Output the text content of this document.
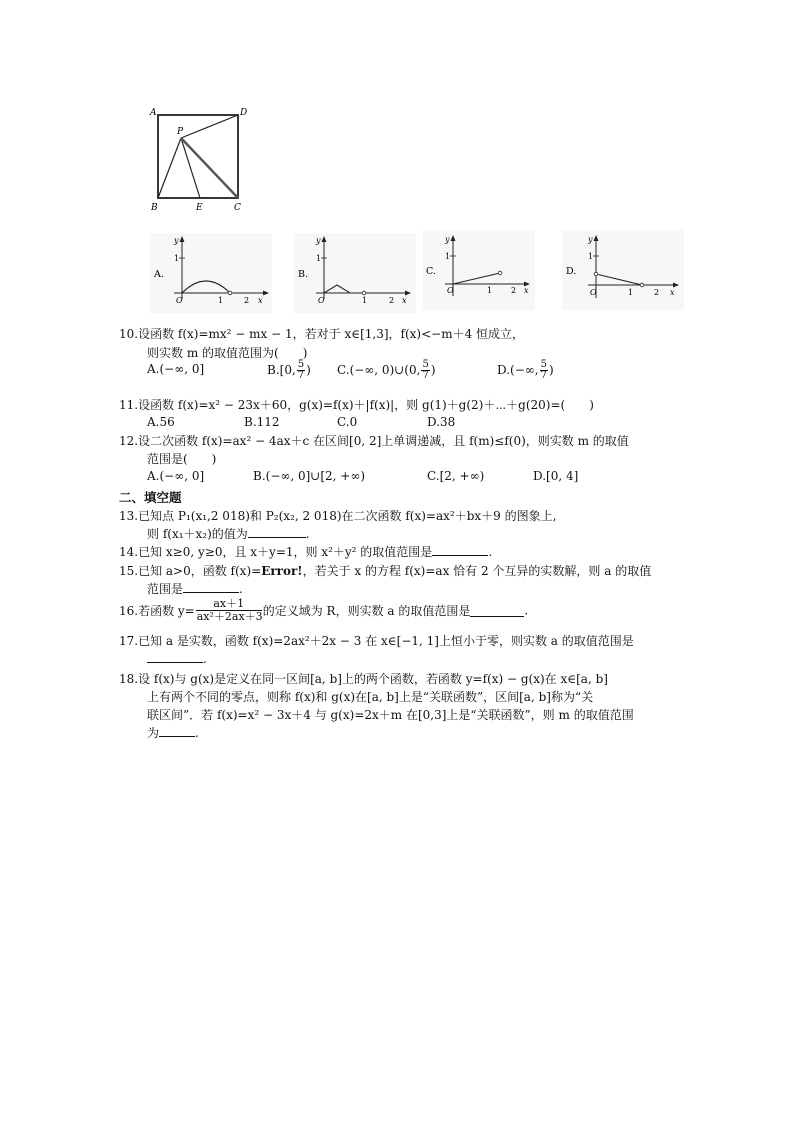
A	D
P
B	E	C
A.
y
1
O	1	2 x
B.
y
1
O	1	2 x
C.
y
1
O	1 2 x
D.
y
1
O	1	2 x
10.设函数 f(x)=mx² − mx − 1，若对于 x∈[1,3]，f(x)<−m＋4 恒成立，
则实数 m 的取值范围为(　　)
A.(−∞, 0]	B.[0, $\frac{5}{7}$ ) C.(−∞, 0)∪(0, $\frac{5}{7}$ )	D.(−∞, $\frac{5}{7}$ )
11.设函数 f(x)=x² − 23x＋60，g(x)=f(x)＋|f(x)|，则 g(1)＋g(2)＋⋯＋g(20)=(　　)
A.56	B.112	C.0	D.38
12.设二次函数 f(x)=ax² − 4ax＋c 在区间[0, 2]上单调递减，且 f(m)≤f(0)，则实数 m 的取值
范围是(　　)
A.(−∞, 0]	B.(−∞, 0]∪[2, +∞)	C.[2, +∞)	D.[0, 4]
二、填空题
13.已知点 P₁(x₁,2 018)和 P₂(x₂, 2 018)在二次函数 f(x)=ax²＋bx＋9 的图象上,
则 f(x₁＋x₂)的值为	.
14.已知 x≥0, y≥0，且 x＋y=1，则 x²＋y² 的取值范围是	.
15.已知 a>0，函数 f(x)=Error!，若关于 x 的方程 f(x)=ax 恰有 2 个互异的实数解，则 a 的取值
范围是	.
16.若函数 $y= \frac{ax+1}{\text{ax²＋2ax＋3}}$ 的定义域为 R，则实数 a 的取值范围是	.
17.已知 a 是实数，函数 f(x)=2ax²＋2x − 3 在 x∈[−1, 1]上恒小于零，则实数 a 的取值范围是
.
18.设 f(x)与 g(x)是定义在同一区间[a, b]上的两个函数，若函数 y=f(x) − g(x)在 x∈[a, b]
上有两个不同的零点，则称 f(x)和 g(x)在[a, b]上是“关联函数”，区间[a, b]称为“关
联区间”．若 f(x)=x² − 3x＋4 与 g(x)=2x＋m 在[0,3]上是“关联函数”，则 m 的取值范围
为	.
